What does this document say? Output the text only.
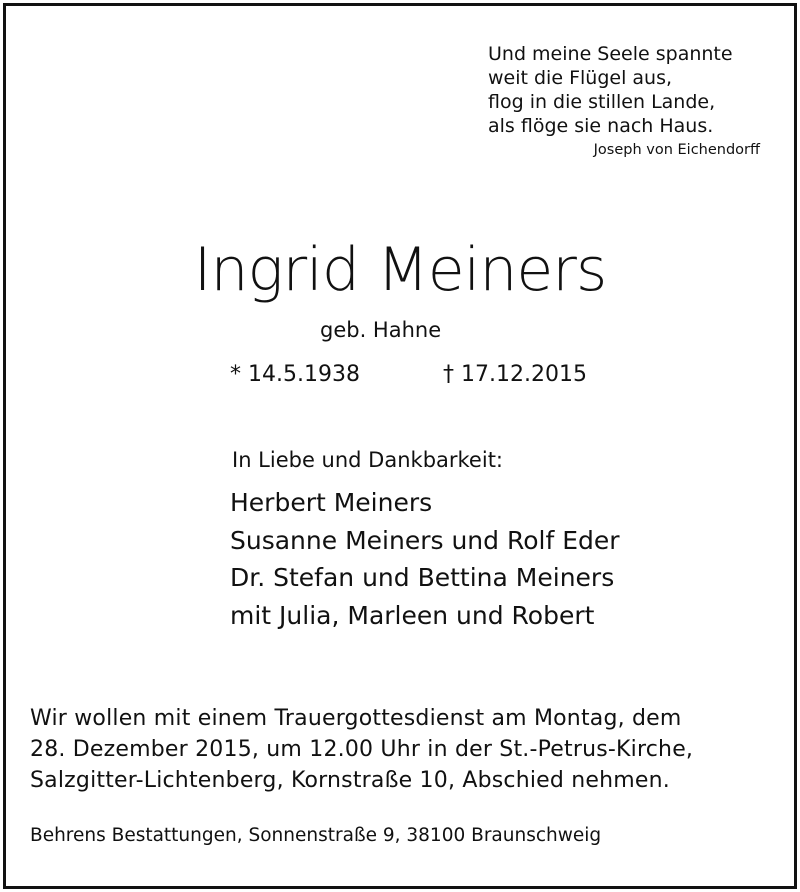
Und meine Seele spannte
weit die Flügel aus,
flog in die stillen Lande,
als flöge sie nach Haus.
Joseph von Eichendorff
Ingrid Meiners
geb. Hahne
* 14.5.1938	† 17.12.2015
In Liebe und Dankbarkeit:
Herbert Meiners
Susanne Meiners und Rolf Eder
Dr. Stefan und Bettina Meiners
mit Julia, Marleen und Robert
Wir wollen mit einem Trauergottesdienst am Montag, dem
28. Dezember 2015, um 12.00 Uhr in der St.-Petrus-Kirche,
Salzgitter-Lichtenberg, Kornstraße 10, Abschied nehmen.
Behrens Bestattungen, Sonnenstraße 9, 38100 Braunschweig
